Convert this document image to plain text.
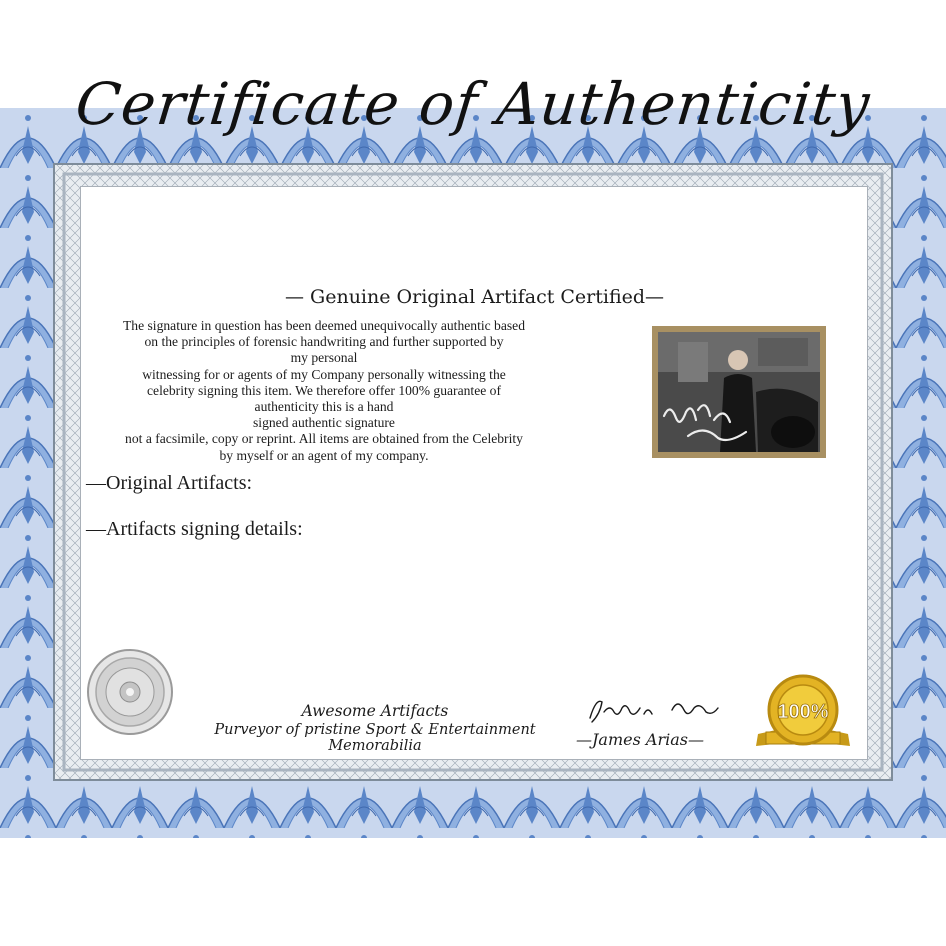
Certificate of Authenticity
— Genuine Original Artifact Certified—

The signature in question has been deemed unequivocally authentic based
on the principles of forensic handwriting and further supported by
my personal
witnessing for or agents of my Company personally witnessing the
celebrity signing this item. We therefore offer 100% guarantee of
authenticity this is a hand
signed authentic signature
not a facsimile, copy or reprint. All items are obtained from the Celebrity
by myself or an agent of my company.

—Original Artifacts:
—Artifacts signing details:
100%
Awesome Artifacts
Purveyor of pristine Sport & Entertainment Memorabilia	—James Arias—
